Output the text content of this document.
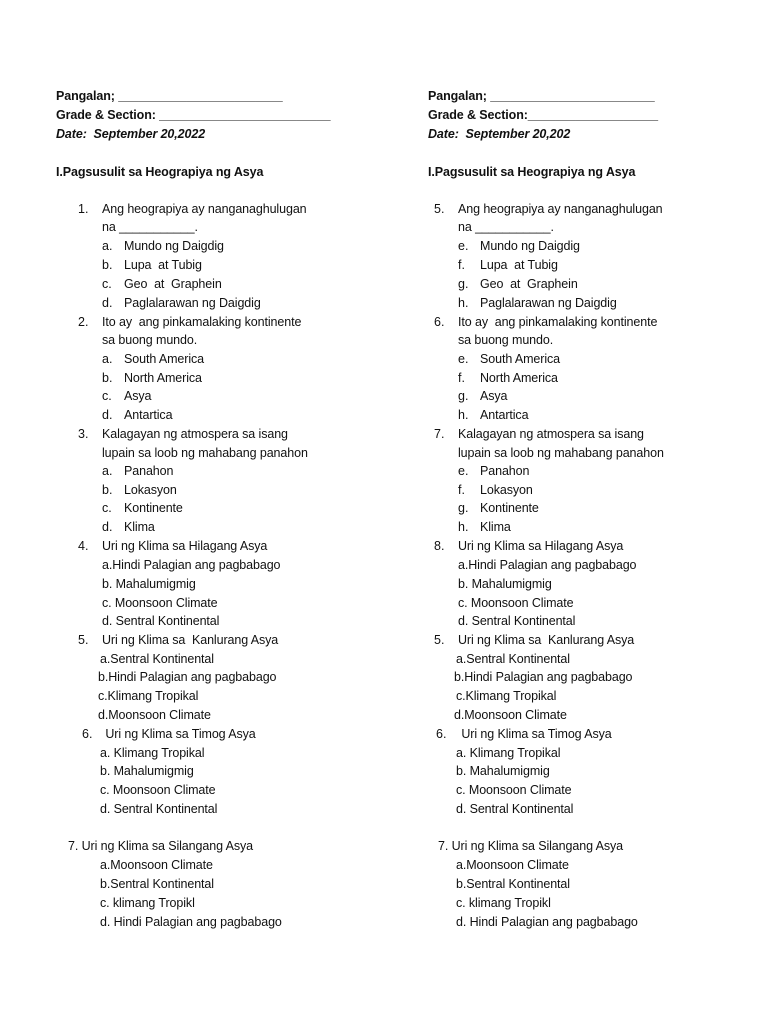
Pangalan; ________________________
Grade & Section: _________________________
Date:  September 20,2022
I.Pagsusulit sa Heograpiya ng Asya
1. Ang heograpiya ay nanganaghulugan
na ___________.
a. Mundo ng Daigdig
b. Lupa  at Tubig
c. Geo  at  Graphein
d. Paglalarawan ng Daigdig
2. Ito ay  ang pinkamalaking kontinente
sa buong mundo.
a. South America
b. North America
c. Asya
d. Antartica
3. Kalagayan ng atmospera sa isang
lupain sa loob ng mahabang panahon
a. Panahon
b. Lokasyon
c. Kontinente
d. Klima
4. Uri ng Klima sa Hilagang Asya
a.Hindi Palagian ang pagbabago
b. Mahalumigmig
c. Moonsoon Climate
d. Sentral Kontinental
5. Uri ng Klima sa  Kanlurang Asya
a.Sentral Kontinental
b.Hindi Palagian ang pagbabago
c.Klimang Tropikal
d.Moonsoon Climate
6. Uri ng Klima sa Timog Asya
a. Klimang Tropikal
b. Mahalumigmig
c. Moonsoon Climate
d. Sentral Kontinental
7. Uri ng Klima sa Silangang Asya
a.Moonsoon Climate
b.Sentral Kontinental
c. klimang Tropikl
d. Hindi Palagian ang pagbabago
Pangalan; ________________________
Grade & Section:___________________
Date:  September 20,202
I.Pagsusulit sa Heograpiya ng Asya
5. Ang heograpiya ay nanganaghulugan
na ___________.
e. Mundo ng Daigdig
f. Lupa  at Tubig
g. Geo  at  Graphein
h. Paglalarawan ng Daigdig
6. Ito ay  ang pinkamalaking kontinente
sa buong mundo.
e. South America
f. North America
g. Asya
h. Antartica
7. Kalagayan ng atmospera sa isang
lupain sa loob ng mahabang panahon
e. Panahon
f. Lokasyon
g. Kontinente
h. Klima
8. Uri ng Klima sa Hilagang Asya
a.Hindi Palagian ang pagbabago
b. Mahalumigmig
c. Moonsoon Climate
d. Sentral Kontinental
5. Uri ng Klima sa  Kanlurang Asya
a.Sentral Kontinental
b.Hindi Palagian ang pagbabago
c.Klimang Tropikal
d.Moonsoon Climate
6. Uri ng Klima sa Timog Asya
a. Klimang Tropikal
b. Mahalumigmig
c. Moonsoon Climate
d. Sentral Kontinental
7. Uri ng Klima sa Silangang Asya
a.Moonsoon Climate
b.Sentral Kontinental
c. klimang Tropikl
d. Hindi Palagian ang pagbabago
